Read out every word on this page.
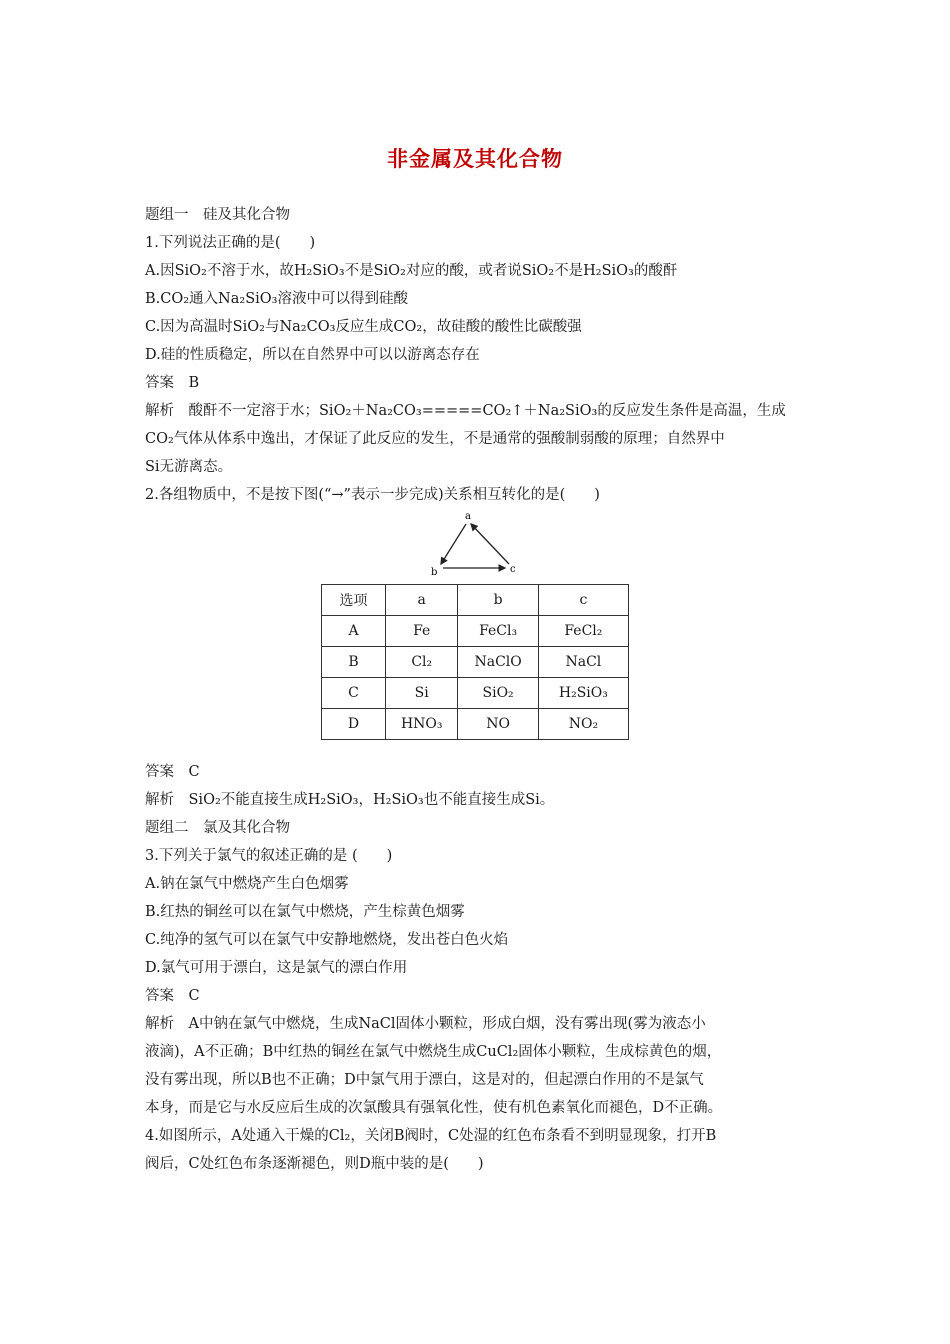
非金属及其化合物
题组一　硅及其化合物
1.下列说法正确的是(　　)
A.因SiO₂不溶于水，故H₂SiO₃不是SiO₂对应的酸，或者说SiO₂不是H₂SiO₃的酸酐
B.CO₂通入Na₂SiO₃溶液中可以得到硅酸
C.因为高温时SiO₂与Na₂CO₃反应生成CO₂，故硅酸的酸性比碳酸强
D.硅的性质稳定，所以在自然界中可以以游离态存在
答案　B
解析　酸酐不一定溶于水；SiO₂＋Na₂CO₃=====CO₂↑＋Na₂SiO₃的反应发生条件是高温，生成
CO₂气体从体系中逸出，才保证了此反应的发生，不是通常的强酸制弱酸的原理；自然界中
Si无游离态。
2.各组物质中，不是按下图(“→”表示一步完成)关系相互转化的是(　　)
a
b	c
选项	a	b	c
A	Fe	FeCl₃	FeCl₂
B	Cl₂	NaClO	NaCl
C	Si	SiO₂	H₂SiO₃
D	HNO₃	NO	NO₂
答案　C
解析　SiO₂不能直接生成H₂SiO₃，H₂SiO₃也不能直接生成Si。
题组二　氯及其化合物
3.下列关于氯气的叙述正确的是 (　　)
A.钠在氯气中燃烧产生白色烟雾
B.红热的铜丝可以在氯气中燃烧，产生棕黄色烟雾
C.纯净的氢气可以在氯气中安静地燃烧，发出苍白色火焰
D.氯气可用于漂白，这是氯气的漂白作用
答案　C
解析　A中钠在氯气中燃烧，生成NaCl固体小颗粒，形成白烟，没有雾出现(雾为液态小
液滴)，A不正确；B中红热的铜丝在氯气中燃烧生成CuCl₂固体小颗粒，生成棕黄色的烟，
没有雾出现，所以B也不正确；D中氯气用于漂白，这是对的，但起漂白作用的不是氯气
本身，而是它与水反应后生成的次氯酸具有强氧化性，使有机色素氧化而褪色，D不正确。
4.如图所示，A处通入干燥的Cl₂，关闭B阀时，C处湿的红色布条看不到明显现象，打开B
阀后，C处红色布条逐渐褪色，则D瓶中装的是(　　)
